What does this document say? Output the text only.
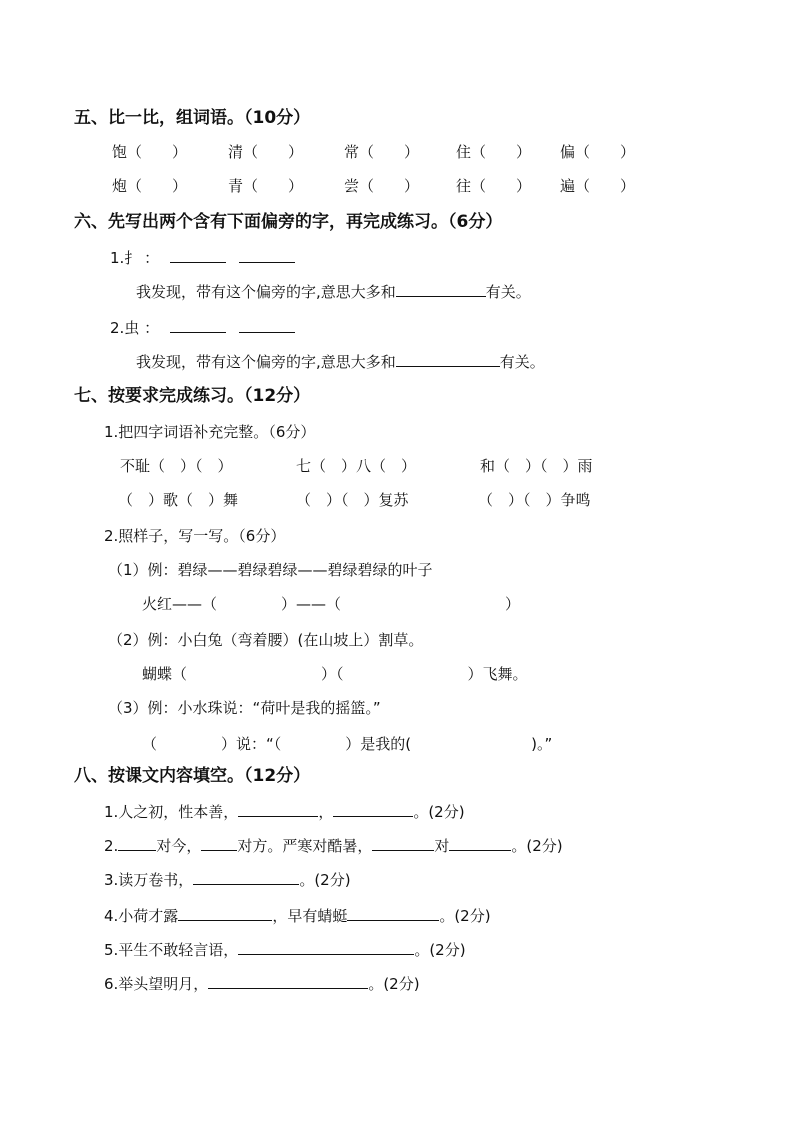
五、比一比，组词语。（10分）
饱（　　）	清（　　）	常（　　） 住（　　） 偏（　　）
炮（　　）	青（　　）	尝（　　） 往（　　） 遍（　　）
六、先写出两个含有下面偏旁的字，再完成练习。（6分）
1.扌 ：
我发现，带有这个偏旁的字,意思大多和	有关。
2.虫 ：
我发现，带有这个偏旁的字,意思大多和	有关。
七、按要求完成练习。（12分）
1.把四字词语补充完整。（6分）
不耻（　）（　）	七（　）八（　）	和（　）（　）雨
（　）歌（　）舞	（　）（　）复苏	（　）（　）争鸣
2.照样子，写一写。（6分）
（1）例：碧绿——碧绿碧绿——碧绿碧绿的叶子
火红——（	）——（	）
（2）例：小白兔（弯着腰）(在山坡上）割草。
蝴蝶（	）（	）飞舞。
（3）例：小水珠说：“荷叶是我的摇篮。”
（	）说：“（	）是我的(	)。”
八、按课文内容填空。（12分）
1.人之初，性本善，	，	。(2分)
2.	对今， 对方。严寒对酷暑，	对	。(2分)
3.读万卷书，	。(2分)
4.小荷才露	，早有蜻蜓	。(2分)
5.平生不敢轻言语，	。(2分)
6.举头望明月，	。(2分)
